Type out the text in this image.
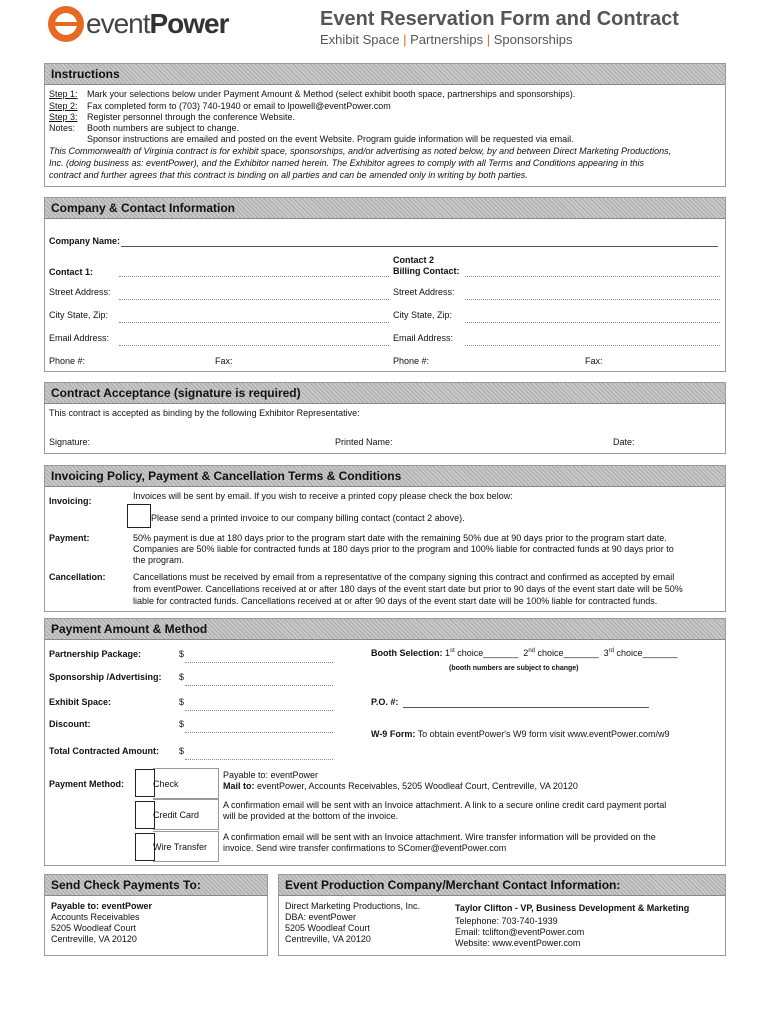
eventPower	Event Reservation Form and Contract
Exhibit Space | Partnerships | Sponsorships
Instructions
Step 1: Mark your selections below under Payment Amount & Method (select exhibit booth space, partnerships and sponsorships).
Step 2: Fax completed form to (703) 740-1940 or email to lpowell@eventPower.com
Step 3: Register personnel through the conference Website.
Notes: Booth numbers are subject to change.
Sponsor instructions are emailed and posted on the event Website. Program guide information will be requested via email.
This Commonwealth of Virginia contract is for exhibit space, sponsorships, and/or advertising as noted below, by and between Direct Marketing Productions,
Inc. (doing business as: eventPower), and the Exhibitor named herein. The Exhibitor agrees to comply with all Terms and Conditions appearing in this
contract and further agrees that this contract is binding on all parties and can be amended only in writing by both parties.
Company & Contact Information
Company Name:
Contact 1:
Contact 2
Billing Contact:
Street Address:	Street Address:
City State, Zip:	City State, Zip:
Email Address:	Email Address:
Phone #:	Fax:	Phone #:	Fax:
Contract Acceptance (signature is required)
This contract is accepted as binding by the following Exhibitor Representative:
Signature:	Printed Name:	Date:
Invoicing Policy, Payment & Cancellation Terms & Conditions
Invoicing:	Invoices will be sent by email. If you wish to receive a printed copy please check the box below:
Please send a printed invoice to our company billing contact (contact 2 above).
Payment:	50% payment is due at 180 days prior to the program start date with the remaining 50% due at 90 days prior to the program start date.
Companies are 50% liable for contracted funds at 180 days prior to the program and 100% liable for contracted funds at 90 days prior to
the program.
Cancellation:	Cancellations must be received by email from a representative of the company signing this contract and confirmed as accepted by email
from eventPower. Cancellations received at or after 180 days of the event start date but prior to 90 days of the event start date will be 50%
liable for contracted funds. Cancellations received at or after 90 days of the event start date will be 100% liable for contracted funds.
Payment Amount & Method
Partnership Package:	$
Sponsorship /Advertising: $
Exhibit Space:	$
Discount:	$
Total Contracted Amount: $
Booth Selection: 1st choice_______ 2nd choice_______ 3rd choice_______
(booth numbers are subject to change)
P.O. #:
W-9 Form: To obtain eventPower's W9 form visit www.eventPower.com/w9
Payment Method:	Check
Payable to: eventPower
Mail to: eventPower, Accounts Receivables, 5205 Woodleaf Court, Centreville, VA 20120
Credit Card
A confirmation email will be sent with an Invoice attachment. A link to a secure online credit card payment portal
will be provided at the bottom of the invoice.
Wire Transfer
A confirmation email will be sent with an Invoice attachment. Wire transfer information will be provided on the
invoice. Send wire transfer confirmations to SComer@eventPower.com
Send Check Payments To:
Payable to: eventPower
Accounts Receivables
5205 Woodleaf Court
Centreville, VA 20120
Event Production Company/Merchant Contact Information:
Direct Marketing Productions, Inc.
DBA: eventPower
5205 Woodleaf Court
Centreville, VA 20120
Taylor Clifton - VP, Business Development & Marketing
Telephone: 703-740-1939
Email: tclifton@eventPower.com
Website: www.eventPower.com
